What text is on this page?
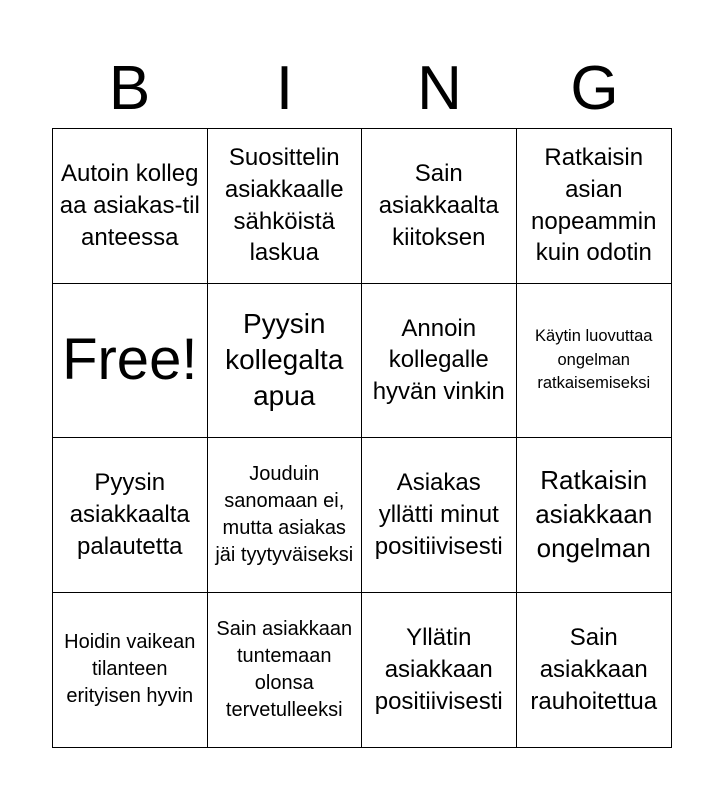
B	I	N	G
Autoin kollegaa asiakas-tilanteessa
Suosittelin asiakkaalle sähköistä laskua
Sain asiakkaalta kiitoksen
Ratkaisin asian nopeammin kuin odotin
Free!
Pyysin kollegalta apua
Annoin kollegalle hyvän vinkin
Käytin luovuttaa ongelman ratkaisemiseksi
Pyysin asiakkaalta palautetta
Jouduin sanomaan ei, mutta asiakas jäi tyytyväiseksi
Asiakas yllätti minut positiivisesti
Ratkaisin asiakkaan ongelman
Hoidin vaikean tilanteen erityisen hyvin
Sain asiakkaan tuntemaan olonsa tervetulleeksi
Yllätin asiakkaan positiivisesti
Sain asiakkaan rauhoitettua
